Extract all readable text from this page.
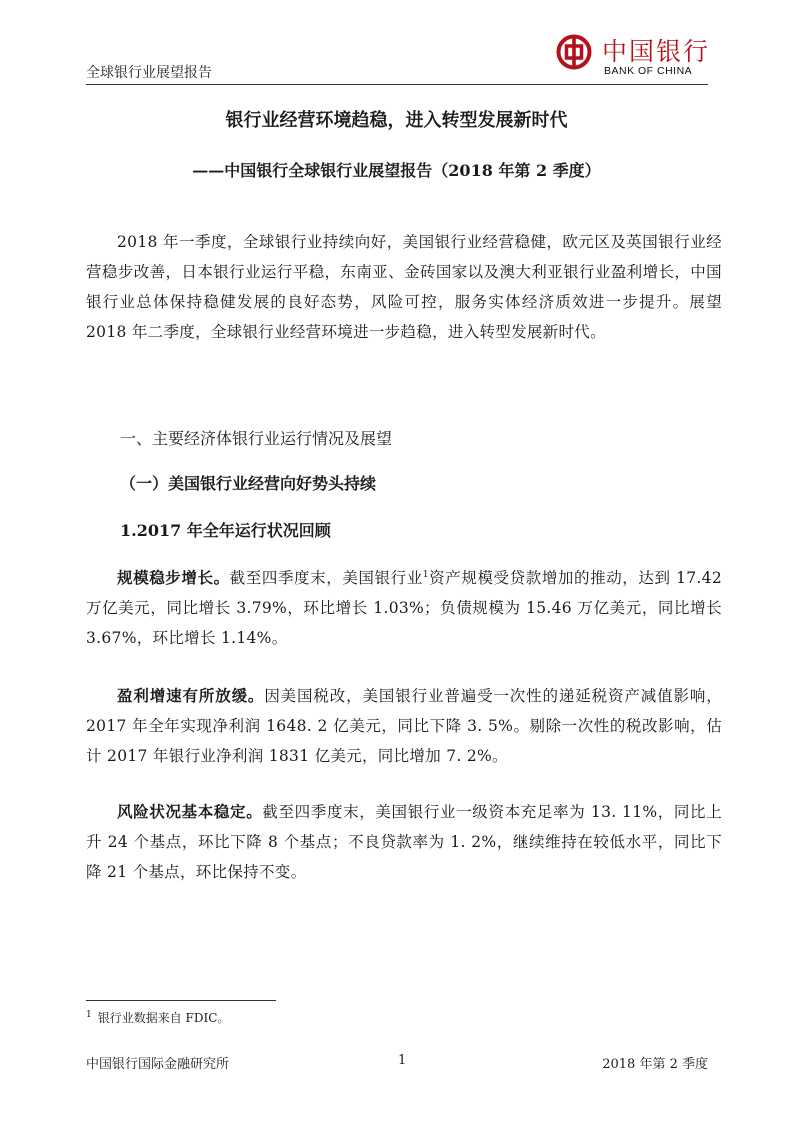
全球银行业展望报告
中国银行
BANK OF CHINA
银行业经营环境趋稳，进入转型发展新时代
——中国银行全球银行业展望报告（2018 年第 2 季度）
2018 年一季度，全球银行业持续向好，美国银行业经营稳健，欧元区及英国银行业经营稳步改善，日本银行业运行平稳，东南亚、金砖国家以及澳大利亚银行业盈利增长，中国银行业总体保持稳健发展的良好态势，风险可控，服务实体经济质效进一步提升。展望 2018 年二季度，全球银行业经营环境进一步趋稳，进入转型发展新时代。
一、主要经济体银行业运行情况及展望
（一）美国银行业经营向好势头持续
1.2017 年全年运行状况回顾
规模稳步增长。截至四季度末，美国银行业$^1$资产规模受贷款增加的推动，达到 17.42 万亿美元，同比增长 3.79%，环比增长 1.03%；负债规模为 15.46 万亿美元，同比增长 3.67%，环比增长 1.14%。
盈利增速有所放缓。因美国税改，美国银行业普遍受一次性的递延税资产减值影响，2017 年全年实现净利润 1648. 2 亿美元，同比下降 3. 5%。剔除一次性的税改影响，估计 2017 年银行业净利润 1831 亿美元，同比增加 7. 2%。
风险状况基本稳定。截至四季度末，美国银行业一级资本充足率为 13. 11%，同比上升 24 个基点，环比下降 8 个基点；不良贷款率为 1. 2%，继续维持在较低水平，同比下降 21 个基点，环比保持不变。
$^1$ 银行业数据来自 FDIC。
中国银行国际金融研究所	1	2018 年第 2 季度
